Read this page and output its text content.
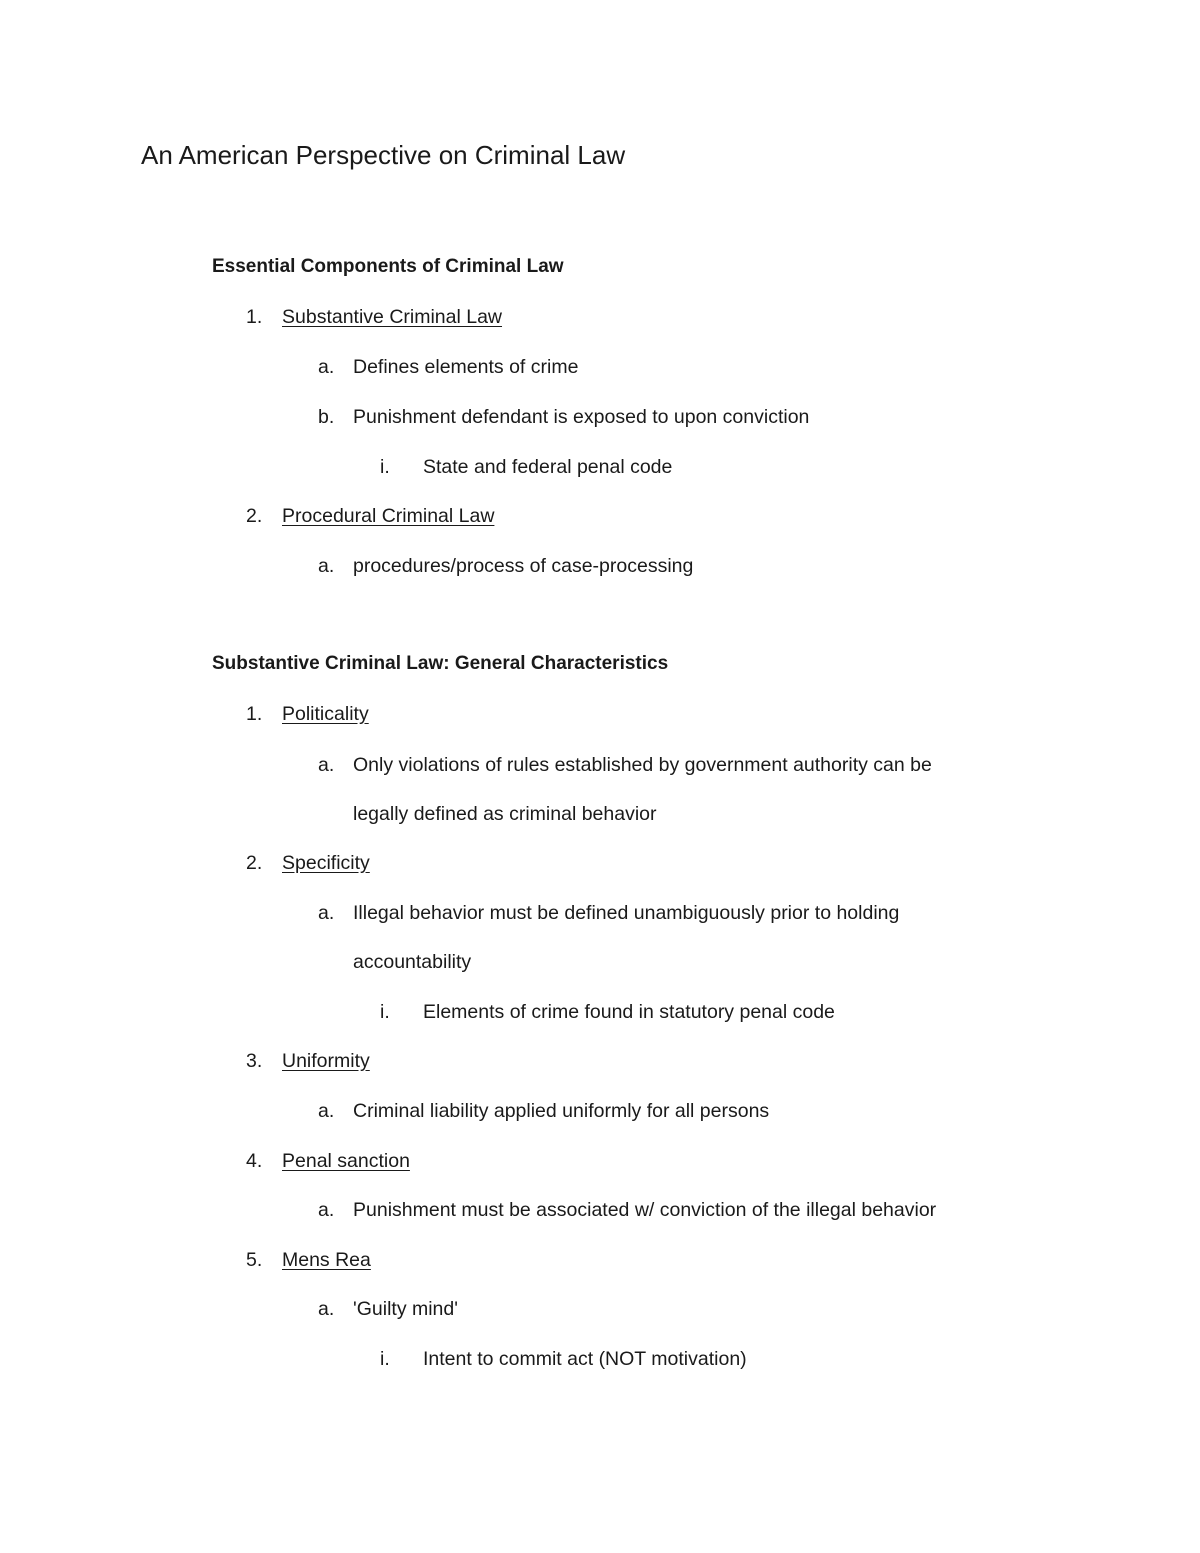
An American Perspective on Criminal Law
Essential Components of Criminal Law
1. Substantive Criminal Law
a. Defines elements of crime
b. Punishment defendant is exposed to upon conviction
i. State and federal penal code
2. Procedural Criminal Law
a. procedures/process of case-processing
Substantive Criminal Law: General Characteristics
1. Politicality
a. Only violations of rules established by government authority can be
legally defined as criminal behavior
2. Specificity
a. Illegal behavior must be defined unambiguously prior to holding
accountability
i. Elements of crime found in statutory penal code
3. Uniformity
a. Criminal liability applied uniformly for all persons
4. Penal sanction
a. Punishment must be associated w/ conviction of the illegal behavior
5. Mens Rea
a. 'Guilty mind'
i. Intent to commit act (NOT motivation)
